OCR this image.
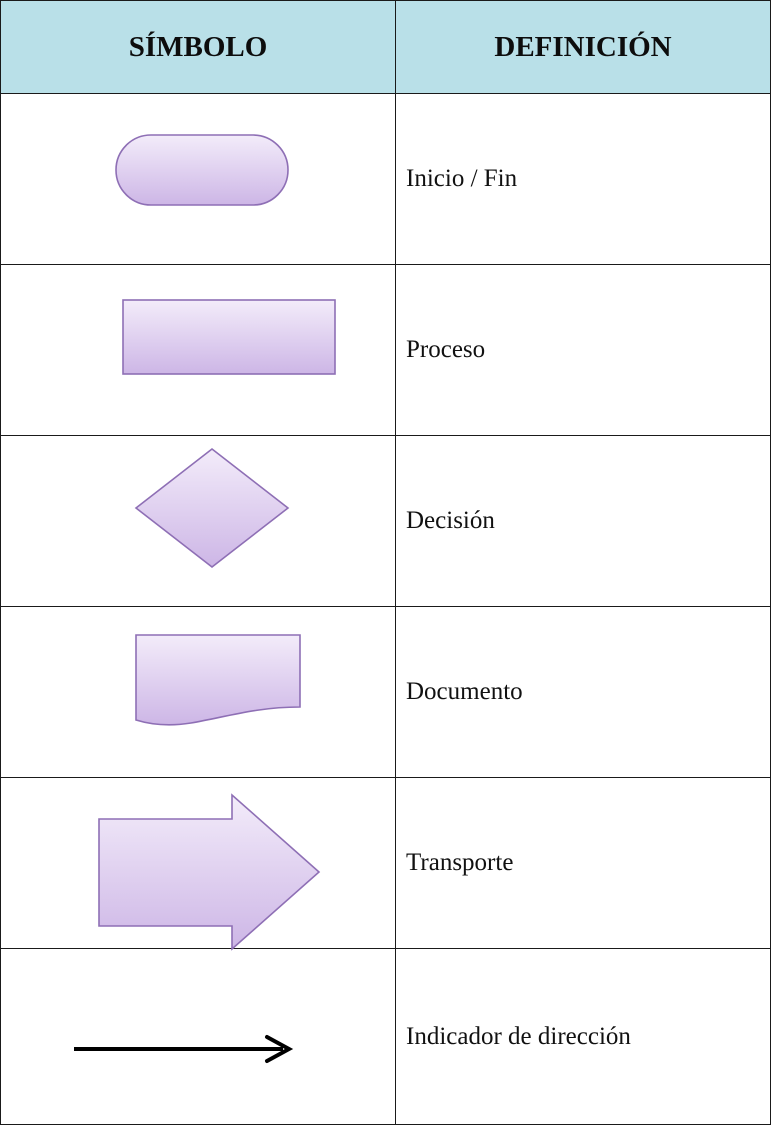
SÍMBOLO	DEFINICIÓN

	Inicio / Fin

	Proceso

	Decisión

	Documento

	Transporte

	Indicador de dirección
